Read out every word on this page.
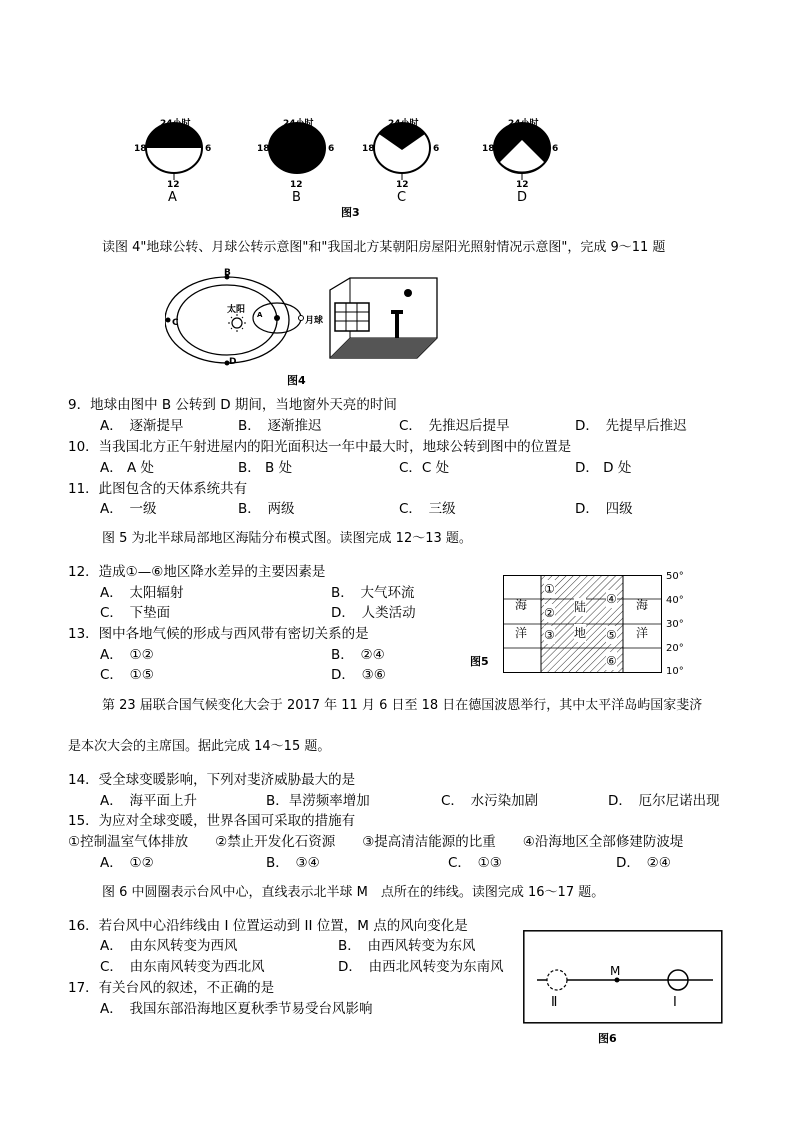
24小时
18	6
12
A
24小时
18	6
12
B
24小时
18	6
12
C
24小时
18	6
12
D
图3
读图 4"地球公转、月球公转示意图"和"我国北方某朝阳房屋阳光照射情况示意图"，完成 9～11 题
B
C
D
A
太阳
月球
图4
9．地球由图中 B 公转到 D 期间，当地窗外天亮的时间
A．　逐渐提早	B．　逐渐推迟	C．　先推迟后提早	D．　先提早后推迟
10．当我国北方正午射进屋内的阳光面积达一年中最大时，地球公转到图中的位置是
A． A 处	B． B 处	C．C 处	D． D 处
11．此图包含的天体系统共有
A．　一级	B．　两级	C．　三级	D．　四级
图 5 为北半球局部地区海陆分布模式图。读图完成 12～13 题。
12．造成①—⑥地区降水差异的主要因素是
A．　太阳辐射	B．　大气环流
C．　下垫面	D．　人类活动
13．图中各地气候的形成与西风带有密切关系的是
A．　①②	B．　②④
C．　①⑤	D．　③⑥
海
洋
海
洋
陆
地
①
②
③
④
⑤
⑥
50°
40°
30°
20°
10°
图5
第 23 届联合国气候变化大会于 2017 年 11 月 6 日至 18 日在德国波恩举行，其中太平洋岛屿国家斐济
是本次大会的主席国。据此完成 14～15 题。
14．受全球变暖影响，下列对斐济威胁最大的是
A．　海平面上升	B．旱涝频率增加	C．　水污染加剧	D．　厄尔尼诺出现
15．为应对全球变暖，世界各国可采取的措施有
①控制温室气体排放　　②禁止开发化石资源　　③提高清洁能源的比重　　④沿海地区全部修建防波堤
A．　①②	B．　③④	C．　①③	D．　②④
图 6 中圆圈表示台风中心，直线表示北半球 M　点所在的纬线。读图完成 16～17 题。
16．若台风中心沿纬线由 I 位置运动到 II 位置，M 点的风向变化是
A．　由东风转变为西风	B．　由西风转变为东风
C．　由东南风转变为西北风	D．　由西北风转变为东南风
17．有关台风的叙述，不正确的是
A．　我国东部沿海地区夏秋季节易受台风影响
M
Ⅰ
Ⅱ
图6
